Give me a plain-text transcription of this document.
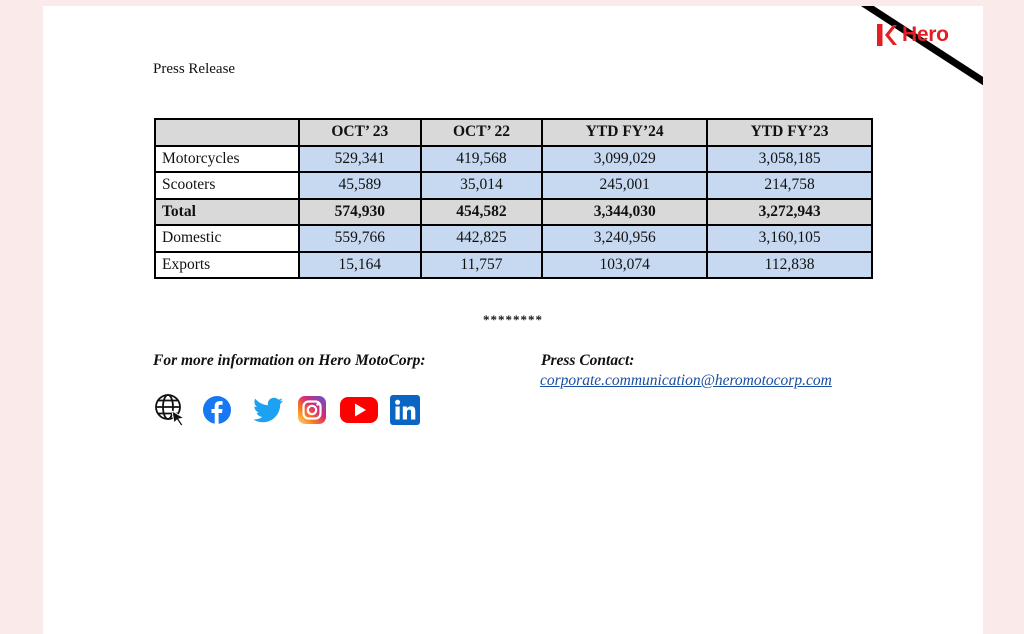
Hero
Press Release
	OCT’ 23	OCT’ 22	YTD FY’24	YTD FY’23
Motorcycles	529,341	419,568	3,099,029	3,058,185
Scooters	45,589	35,014	245,001	214,758
Total	574,930	454,582	3,344,030	3,272,943
Domestic	559,766	442,825	3,240,956	3,160,105
Exports	15,164	11,757	103,074	112,838
********
For more information on Hero MotoCorp:	Press Contact:
corporate.communication@heromotocorp.com
